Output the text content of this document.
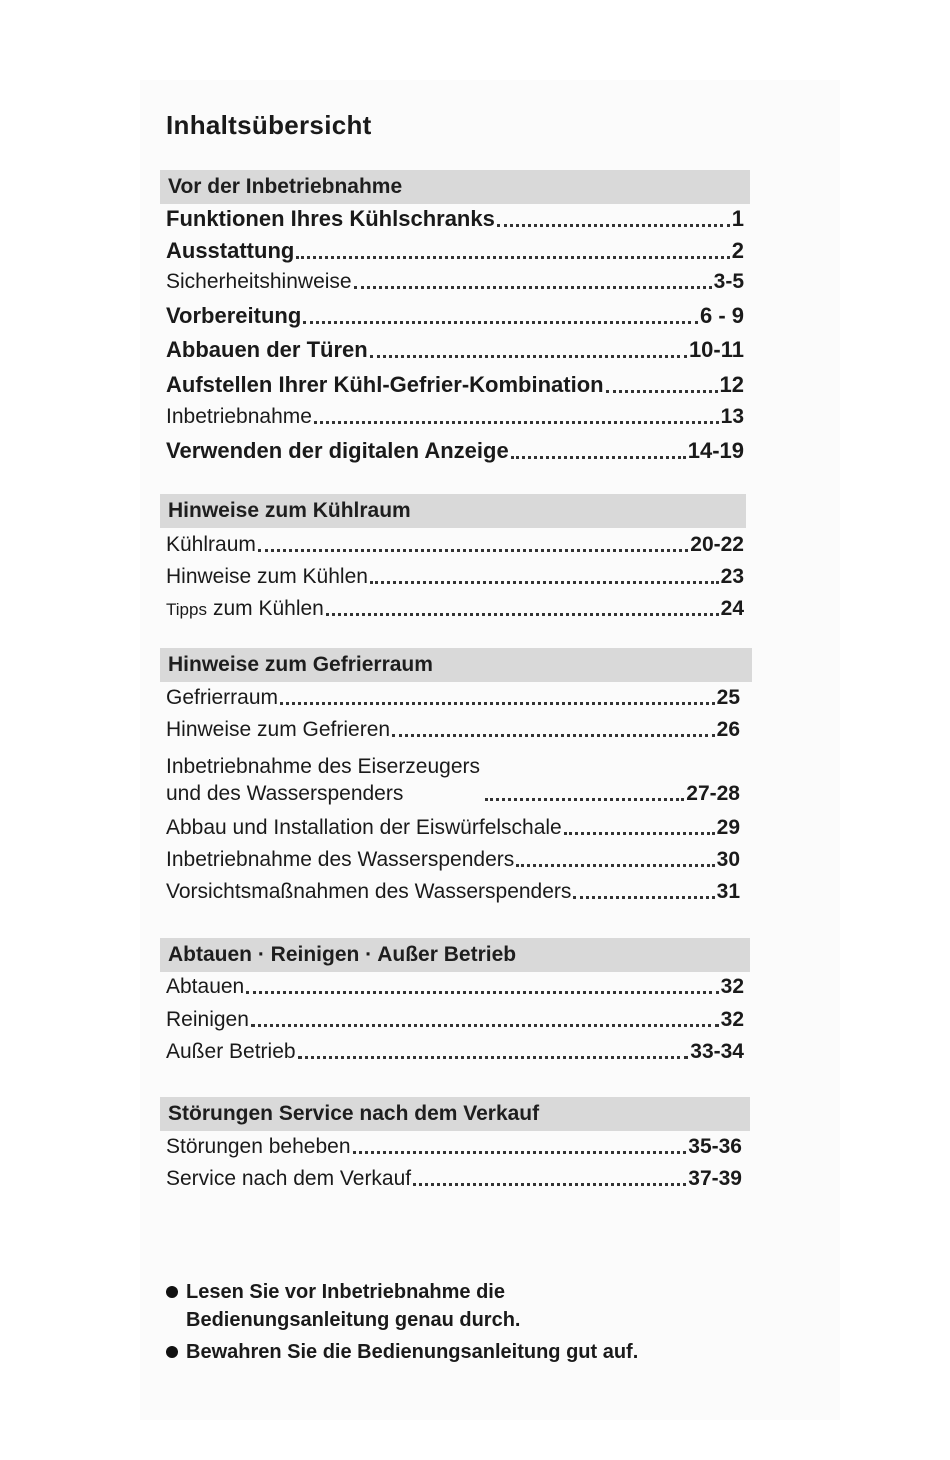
Inhaltsübersicht
Vor der Inbetriebnahme
Funktionen Ihres Kühlschranks	1
Ausstattung	2
Sicherheitshinweise	3-5
Vorbereitung	6 - 9
Abbauen der Türen	10-11
Aufstellen Ihrer Kühl-Gefrier-Kombination	12
Inbetriebnahme	13
Verwenden der digitalen Anzeige	14-19
Hinweise zum Kühlraum
Kühlraum	20-22
Hinweise zum Kühlen	23
Tipps zum Kühlen	24
Hinweise zum Gefrierraum
Gefrierraum	25
Hinweise zum Gefrieren	26
Inbetriebnahme des Eiserzeugers
und des Wasserspenders	27-28
Abbau und Installation der Eiswürfelschale	29
Inbetriebnahme des Wasserspenders	30
Vorsichtsmaßnahmen des Wasserspenders	31
Abtauen · Reinigen · Außer Betrieb
Abtauen	32
Reinigen	32
Außer Betrieb	33-34
Störungen Service nach dem Verkauf
Störungen beheben	35-36
Service nach dem Verkauf	37-39
Lesen Sie vor Inbetriebnahme die
Bedienungsanleitung genau durch.
Bewahren Sie die Bedienungsanleitung gut auf.
